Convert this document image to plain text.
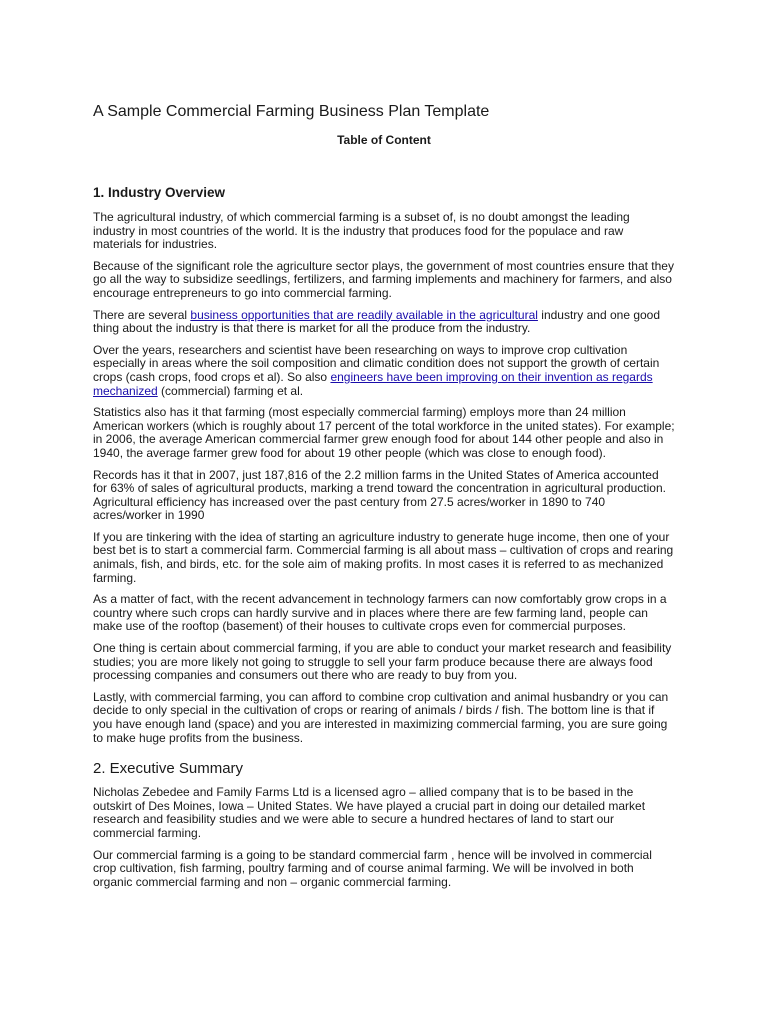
A Sample Commercial Farming Business Plan Template
Table of Content
1. Industry Overview

The agricultural industry, of which commercial farming is a subset of, is no doubt amongst the leading industry in most countries of the world. It is the industry that produces food for the populace and raw materials for industries.

Because of the significant role the agriculture sector plays, the government of most countries ensure that they go all the way to subsidize seedlings, fertilizers, and farming implements and machinery for farmers, and also encourage entrepreneurs to go into commercial farming.

There are several business opportunities that are readily available in the agricultural industry and one good thing about the industry is that there is market for all the produce from the industry.

Over the years, researchers and scientist have been researching on ways to improve crop cultivation especially in areas where the soil composition and climatic condition does not support the growth of certain crops (cash crops, food crops et al). So also engineers have been improving on their invention as regards mechanized (commercial) farming et al.

Statistics also has it that farming (most especially commercial farming) employs more than 24 million American workers (which is roughly about 17 percent of the total workforce in the united states). For example; in 2006, the average American commercial farmer grew enough food for about 144 other people and also in 1940, the average farmer grew food for about 19 other people (which was close to enough food).

Records has it that in 2007, just 187,816 of the 2.2 million farms in the United States of America accounted for 63% of sales of agricultural products, marking a trend toward the concentration in agricultural production. Agricultural efficiency has increased over the past century from 27.5 acres/worker in 1890 to 740 acres/worker in 1990

If you are tinkering with the idea of starting an agriculture industry to generate huge income, then one of your best bet is to start a commercial farm. Commercial farming is all about mass – cultivation of crops and rearing animals, fish, and birds, etc. for the sole aim of making profits. In most cases it is referred to as mechanized farming.

As a matter of fact, with the recent advancement in technology farmers can now comfortably grow crops in a country where such crops can hardly survive and in places where there are few farming land, people can make use of the rooftop (basement) of their houses to cultivate crops even for commercial purposes.

One thing is certain about commercial farming, if you are able to conduct your market research and feasibility studies; you are more likely not going to struggle to sell your farm produce because there are always food processing companies and consumers out there who are ready to buy from you.

Lastly, with commercial farming, you can afford to combine crop cultivation and animal husbandry or you can decide to only special in the cultivation of crops or rearing of animals / birds / fish. The bottom line is that if you have enough land (space) and you are interested in maximizing commercial farming, you are sure going to make huge profits from the business.

2. Executive Summary

Nicholas Zebedee and Family Farms Ltd is a licensed agro – allied company that is to be based in the outskirt of Des Moines, Iowa – United States. We have played a crucial part in doing our detailed market research and feasibility studies and we were able to secure a hundred hectares of land to start our commercial farming.

Our commercial farming is a going to be standard commercial farm , hence will be involved in commercial crop cultivation, fish farming, poultry farming and of course animal farming. We will be involved in both organic commercial farming and non – organic commercial farming.
